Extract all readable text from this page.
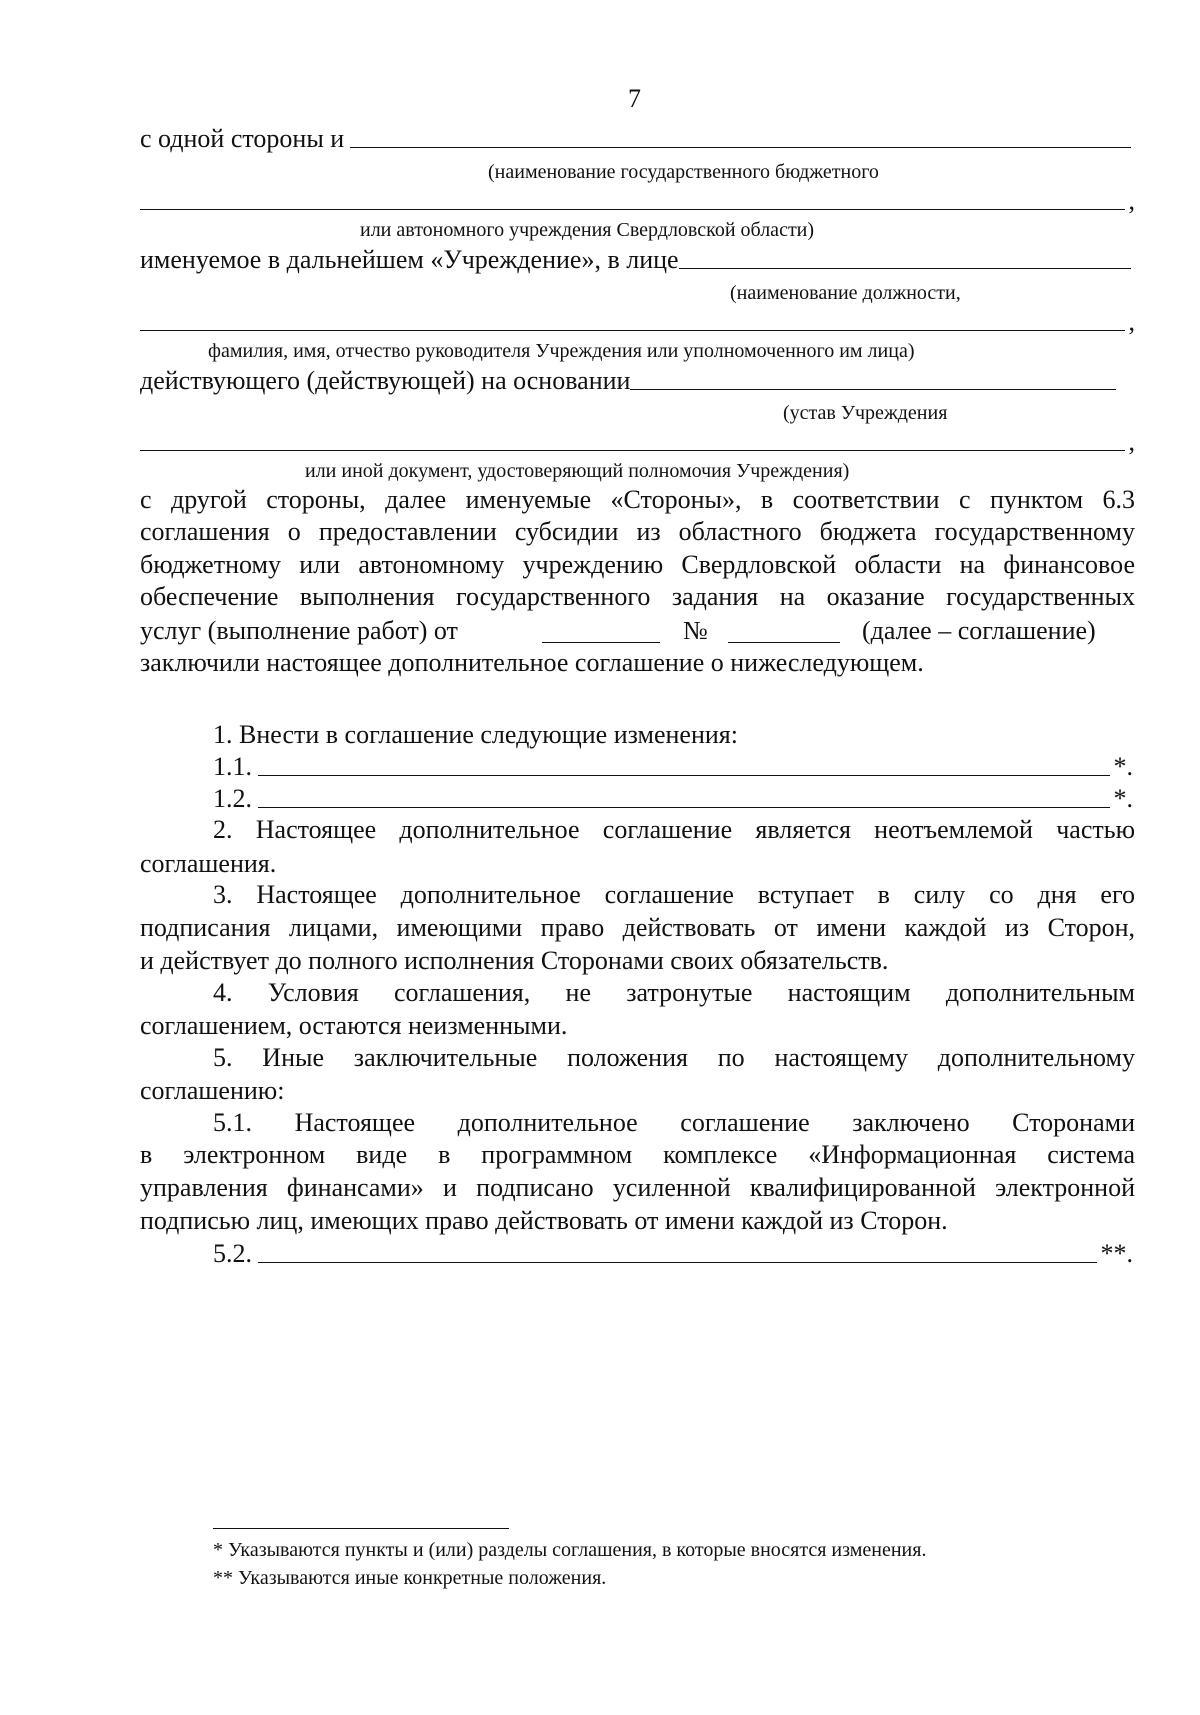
7
с одной стороны и
(наименование государственного бюджетного
,
или автономного учреждения Свердловской области)
именуемое в дальнейшем «Учреждение», в лице
(наименование должности,
,
фамилия, имя, отчество руководителя Учреждения или уполномоченного им лица)
действующего (действующей) на основании
(устав Учреждения
,
или иной документ, удостоверяющий полномочия Учреждения)
с другой стороны, далее именуемые «Стороны», в соответствии с пунктом 6.3
соглашения о предоставлении субсидии из областного бюджета государственному
бюджетному или автономному учреждению Свердловской области на финансовое
обеспечение выполнения государственного задания на оказание государственных
услуг (выполнение работ) от	№	(далее – соглашение)
заключили настоящее дополнительное соглашение о нижеследующем.
1. Внести в соглашение следующие изменения:
1.1.	*.
1.2.	*.
2. Настоящее дополнительное соглашение является неотъемлемой частью
соглашения.
3. Настоящее дополнительное соглашение вступает в силу со дня его
подписания лицами, имеющими право действовать от имени каждой из Сторон,
и действует до полного исполнения Сторонами своих обязательств.
4. Условия соглашения, не затронутые настоящим дополнительным
соглашением, остаются неизменными.
5. Иные заключительные положения по настоящему дополнительному
соглашению:
5.1. Настоящее дополнительное соглашение заключено Сторонами
в электронном виде в программном комплексе «Информационная система
управления финансами» и подписано усиленной квалифицированной электронной
подписью лиц, имеющих право действовать от имени каждой из Сторон.
5.2.	**.
* Указываются пункты и (или) разделы соглашения, в которые вносятся изменения.
** Указываются иные конкретные положения.
